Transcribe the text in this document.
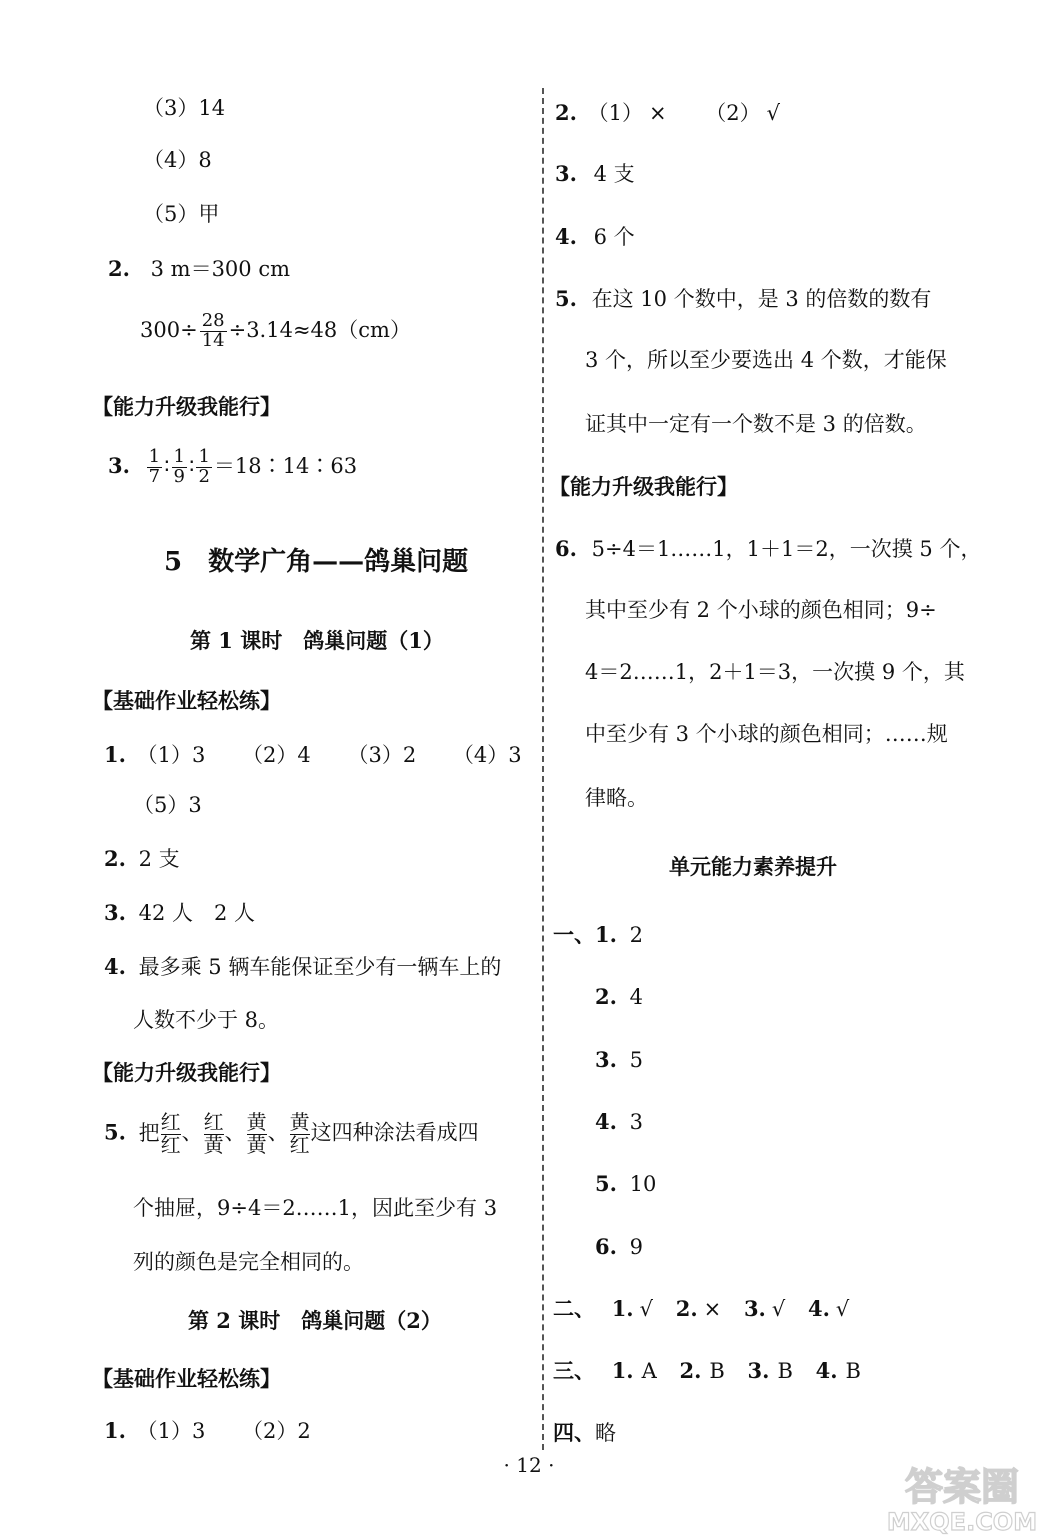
（3）14
（4）8
（5）甲
2. 3 m＝300 cm
$300\div \frac{28}{14} \div 3.14\approx 48(cm)$
【能力升级我能行】
3. $\frac{1}{7}$ ∶ $\frac{1}{9}$ ∶ $\frac{1}{2}$ ＝18∶14∶63
5　数学广角——鸽巢问题
第 1 课时　鸽巢问题（1）
【基础作业轻松练】
1. （1）3 （2）4 （3）2 （4）3
（5）3
2. 2 支
3. 42 人　2 人
4. 最多乘 5 辆车能保证至少有一辆车上的
人数不少于 8。
【能力升级我能行】
5. 把 $\frac{\text{红}}{\text{红}}$ 、 $\frac{\text{红}}{\text{黄}}$ 、 $\frac{\text{黄}}{\text{黄}}$ 、 $\frac{\text{黄}}{\text{红}}$ 这四种涂法看成四
个抽屉，9÷4＝2……1，因此至少有 3
列的颜色是完全相同的。
第 2 课时　鸽巢问题（2）
【基础作业轻松练】
1. （1）3 （2）2
2. （1） × （2） √
3. 4 支
4. 6 个
5. 在这 10 个数中，是 3 的倍数的数有
3 个，所以至少要选出 4 个数，才能保
证其中一定有一个数不是 3 的倍数。
【能力升级我能行】
6. 5÷4＝1……1，1＋1＝2，一次摸 5 个，
其中至少有 2 个小球的颜色相同；9÷
4＝2……1，2＋1＝3，一次摸 9 个，其
中至少有 3 个小球的颜色相同；……规
律略。
单元能力素养提升
一、1. 2
2. 4
3. 5
4. 3
5. 10
6. 9
二、 1. √ 2. × 3. √ 4. √
三、 1. A 2. B 3. B 4. B
四、略
· 12 ·	答案圈
MXQE.COM
